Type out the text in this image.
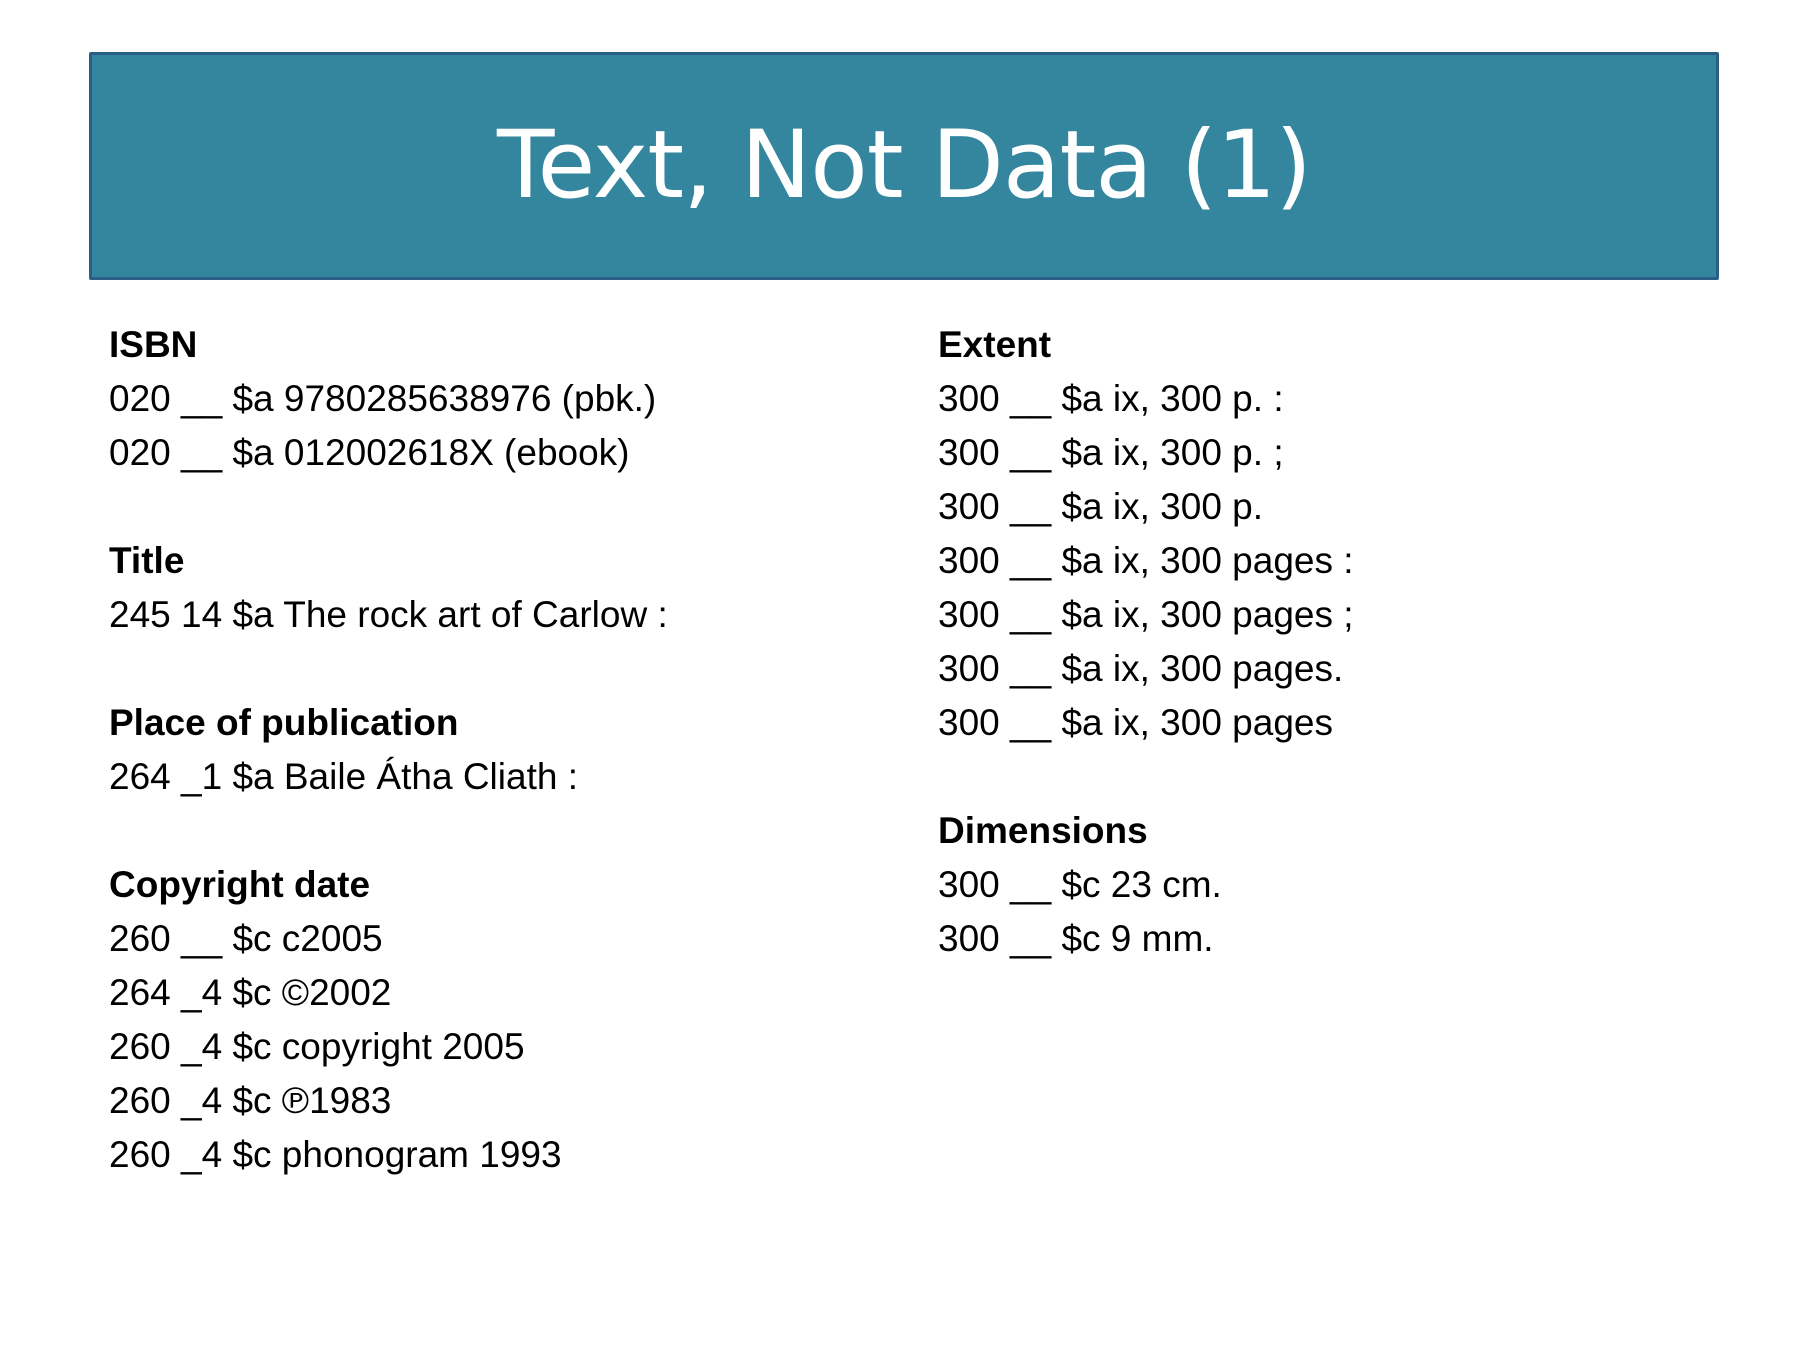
Text, Not Data (1)
ISBN
020 __ $a 9780285638976 (pbk.)
020 __ $a 012002618X (ebook)
Title
245 14 $a The rock art of Carlow :
Place of publication
264 _1 $a Baile Átha Cliath :
Copyright date
260 __ $c c2005
264 _4 $c ©2002
260 _4 $c copyright 2005
260 _4 $c ℗1983
260 _4 $c phonogram 1993
Extent
300 __ $a ix, 300 p. :
300 __ $a ix, 300 p. ;
300 __ $a ix, 300 p.
300 __ $a ix, 300 pages :
300 __ $a ix, 300 pages ;
300 __ $a ix, 300 pages.
300 __ $a ix, 300 pages
Dimensions
300 __ $c 23 cm.
300 __ $c 9 mm.
